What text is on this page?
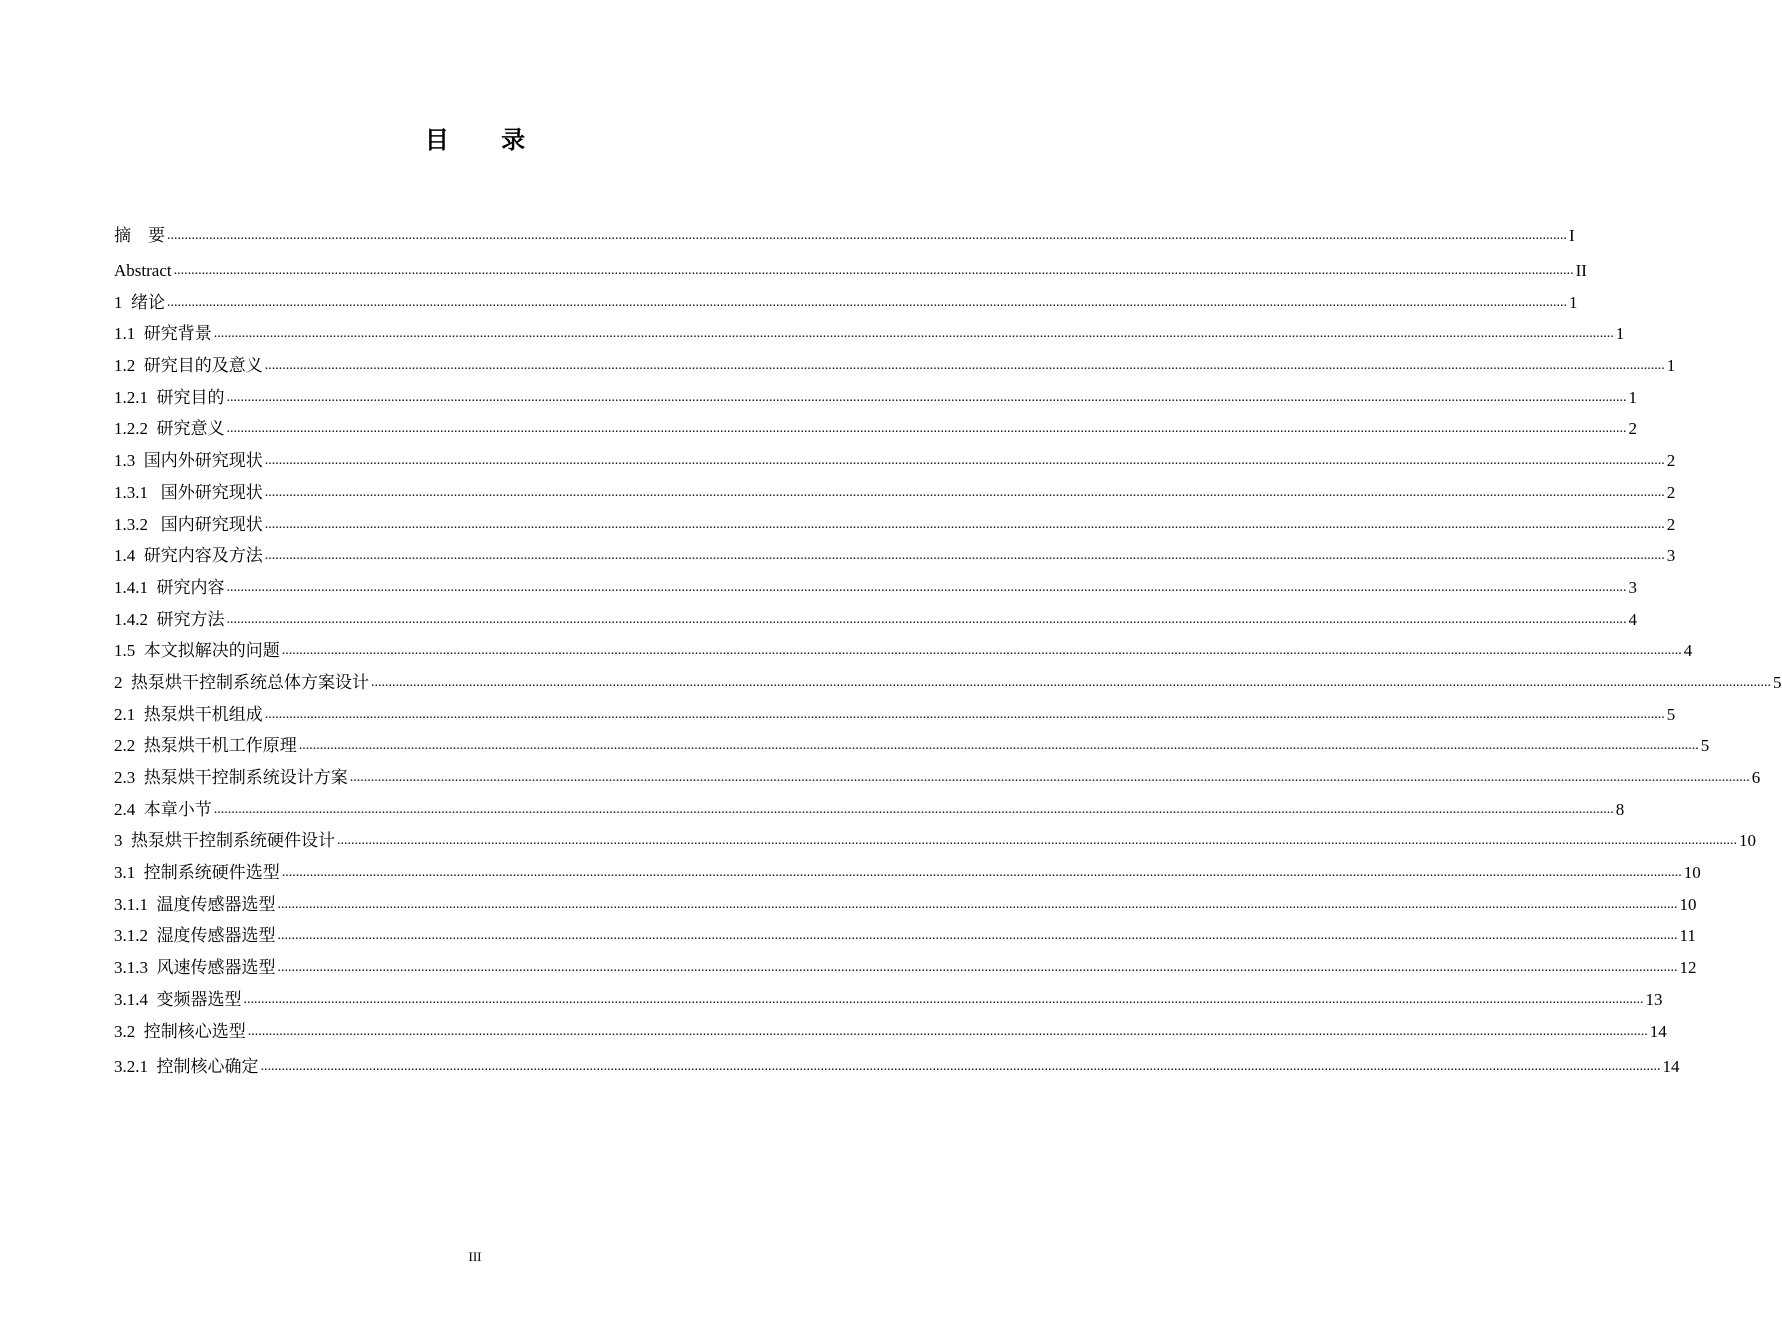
目 录
摘    要 ................................................................................................................................................................................................................................................................................................................................................................................................................ I
Abstract ................................................................................................................................................................................................................................................................................................................................................................................................................ II
1  绪论 ................................................................................................................................................................................................................................................................................................................................................................................................................ 1
1.1  研究背景 ................................................................................................................................................................................................................................................................................................................................................................................................................ 1
1.2  研究目的及意义 ................................................................................................................................................................................................................................................................................................................................................................................................................ 1
1.2.1  研究目的 ................................................................................................................................................................................................................................................................................................................................................................................................................ 1
1.2.2  研究意义 ................................................................................................................................................................................................................................................................................................................................................................................................................ 2
1.3  国内外研究现状 ................................................................................................................................................................................................................................................................................................................................................................................................................ 2
1.3.1   国外研究现状 ................................................................................................................................................................................................................................................................................................................................................................................................................ 2
1.3.2   国内研究现状 ................................................................................................................................................................................................................................................................................................................................................................................................................ 2
1.4  研究内容及方法 ................................................................................................................................................................................................................................................................................................................................................................................................................ 3
1.4.1  研究内容 ................................................................................................................................................................................................................................................................................................................................................................................................................ 3
1.4.2  研究方法 ................................................................................................................................................................................................................................................................................................................................................................................................................ 4
1.5  本文拟解决的问题 ................................................................................................................................................................................................................................................................................................................................................................................................................ 4
2  热泵烘干控制系统总体方案设计 ................................................................................................................................................................................................................................................................................................................................................................................................................ 5
2.1  热泵烘干机组成 ................................................................................................................................................................................................................................................................................................................................................................................................................ 5
2.2  热泵烘干机工作原理 ................................................................................................................................................................................................................................................................................................................................................................................................................ 5
2.3  热泵烘干控制系统设计方案 ................................................................................................................................................................................................................................................................................................................................................................................................................ 6
2.4  本章小节 ................................................................................................................................................................................................................................................................................................................................................................................................................ 8
3  热泵烘干控制系统硬件设计 ................................................................................................................................................................................................................................................................................................................................................................................................................ 10
3.1  控制系统硬件选型 ................................................................................................................................................................................................................................................................................................................................................................................................................ 10
3.1.1  温度传感器选型 ................................................................................................................................................................................................................................................................................................................................................................................................................ 10
3.1.2  湿度传感器选型 ................................................................................................................................................................................................................................................................................................................................................................................................................ 11
3.1.3  风速传感器选型 ................................................................................................................................................................................................................................................................................................................................................................................................................ 12
3.1.4  变频器选型 ................................................................................................................................................................................................................................................................................................................................................................................................................ 13
3.2  控制核心选型 ................................................................................................................................................................................................................................................................................................................................................................................................................ 14
3.2.1  控制核心确定 ................................................................................................................................................................................................................................................................................................................................................................................................................ 14
III
